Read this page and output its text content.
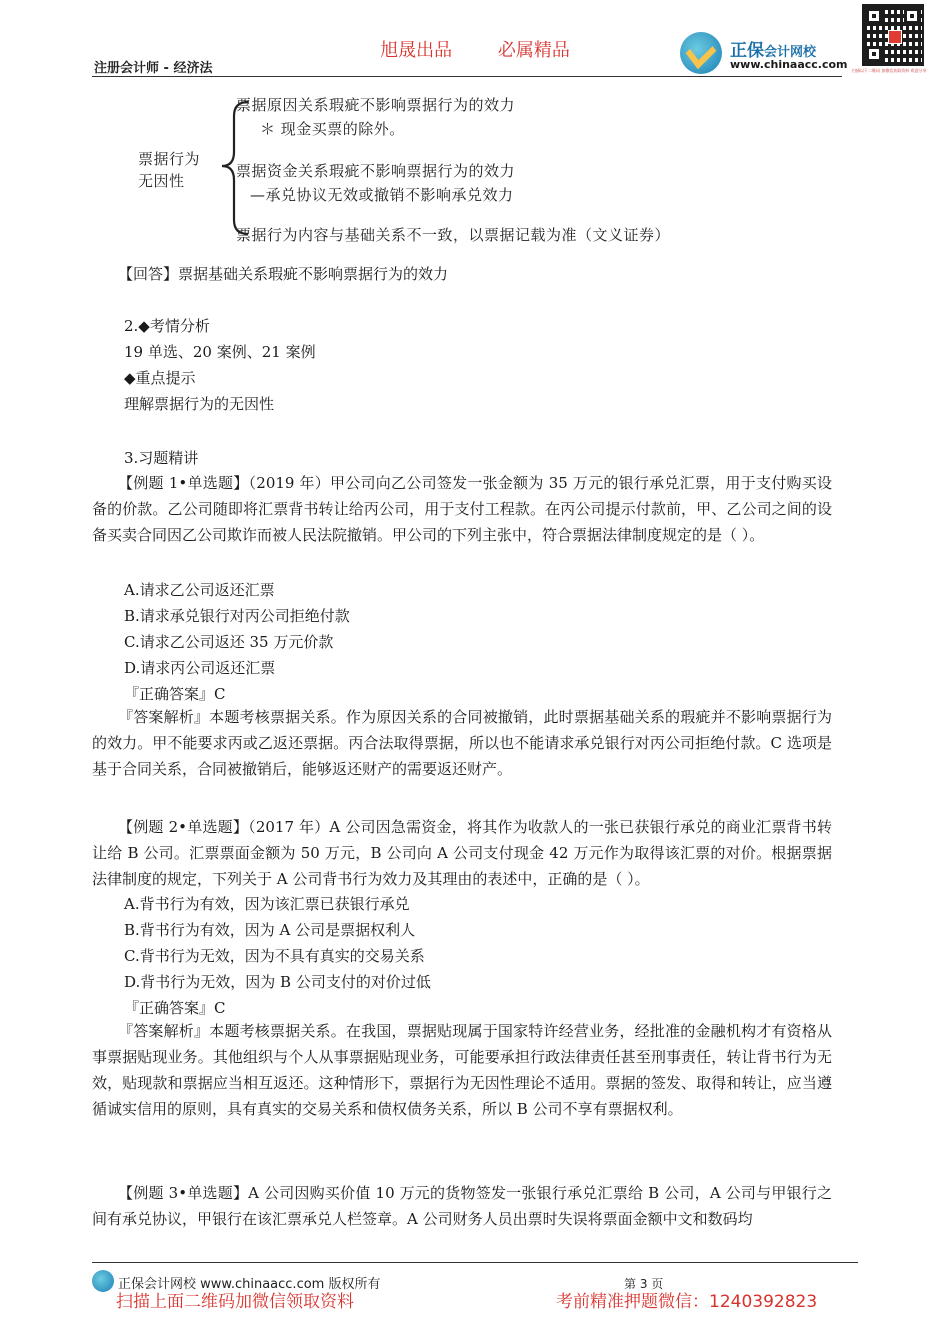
旭晟出品	必属精品
注册会计师 - 经济法
正保会计网校
www.chinaacc.com 扫描以下二维码 加微信获取资料 欢迎分享
票据行为
无因性
票据原因关系瑕疵不影响票据行为的效力
＊ 现金买票的除外。
票据资金关系瑕疵不影响票据行为的效力
—承兑协议无效或撤销不影响承兑效力
票据行为内容与基础关系不一致，以票据记载为准（文义证券）
【回答】票据基础关系瑕疵不影响票据行为的效力
2.◆考情分析
19 单选、20 案例、21 案例
◆重点提示
理解票据行为的无因性
3.习题精讲
【例题 1•单选题】（2019 年）甲公司向乙公司签发一张金额为 35 万元的银行承兑汇票，用于支付购买设备的价款。乙公司随即将汇票背书转让给丙公司，用于支付工程款。在丙公司提示付款前，甲、乙公司之间的设备买卖合同因乙公司欺诈而被人民法院撤销。甲公司的下列主张中，符合票据法律制度规定的是（ ）。
A.请求乙公司返还汇票
B.请求承兑银行对丙公司拒绝付款
C.请求乙公司返还 35 万元价款
D.请求丙公司返还汇票
『正确答案』C
『答案解析』本题考核票据关系。作为原因关系的合同被撤销，此时票据基础关系的瑕疵并不影响票据行为的效力。甲不能要求丙或乙返还票据。丙合法取得票据，所以也不能请求承兑银行对丙公司拒绝付款。C 选项是基于合同关系，合同被撤销后，能够返还财产的需要返还财产。
【例题 2•单选题】（2017 年）A 公司因急需资金，将其作为收款人的一张已获银行承兑的商业汇票背书转让给 B 公司。汇票票面金额为 50 万元，B 公司向 A 公司支付现金 42 万元作为取得该汇票的对价。根据票据法律制度的规定，下列关于 A 公司背书行为效力及其理由的表述中，正确的是（ ）。
A.背书行为有效，因为该汇票已获银行承兑
B.背书行为有效，因为 A 公司是票据权利人
C.背书行为无效，因为不具有真实的交易关系
D.背书行为无效，因为 B 公司支付的对价过低
『正确答案』C
『答案解析』本题考核票据关系。在我国，票据贴现属于国家特许经营业务，经批准的金融机构才有资格从事票据贴现业务。其他组织与个人从事票据贴现业务，可能要承担行政法律责任甚至刑事责任，转让背书行为无效，贴现款和票据应当相互返还。这种情形下，票据行为无因性理论不适用。票据的签发、取得和转让，应当遵循诚实信用的原则，具有真实的交易关系和债权债务关系，所以 B 公司不享有票据权利。
【例题 3•单选题】A 公司因购买价值 10 万元的货物签发一张银行承兑汇票给 B 公司，A 公司与甲银行之间有承兑协议，甲银行在该汇票承兑人栏签章。A 公司财务人员出票时失误将票面金额中文和数码均
正保会计网校 www.chinaacc.com 版权所有	第 3 页
扫描上面二维码加微信领取资料	考前精准押题微信：1240392823
